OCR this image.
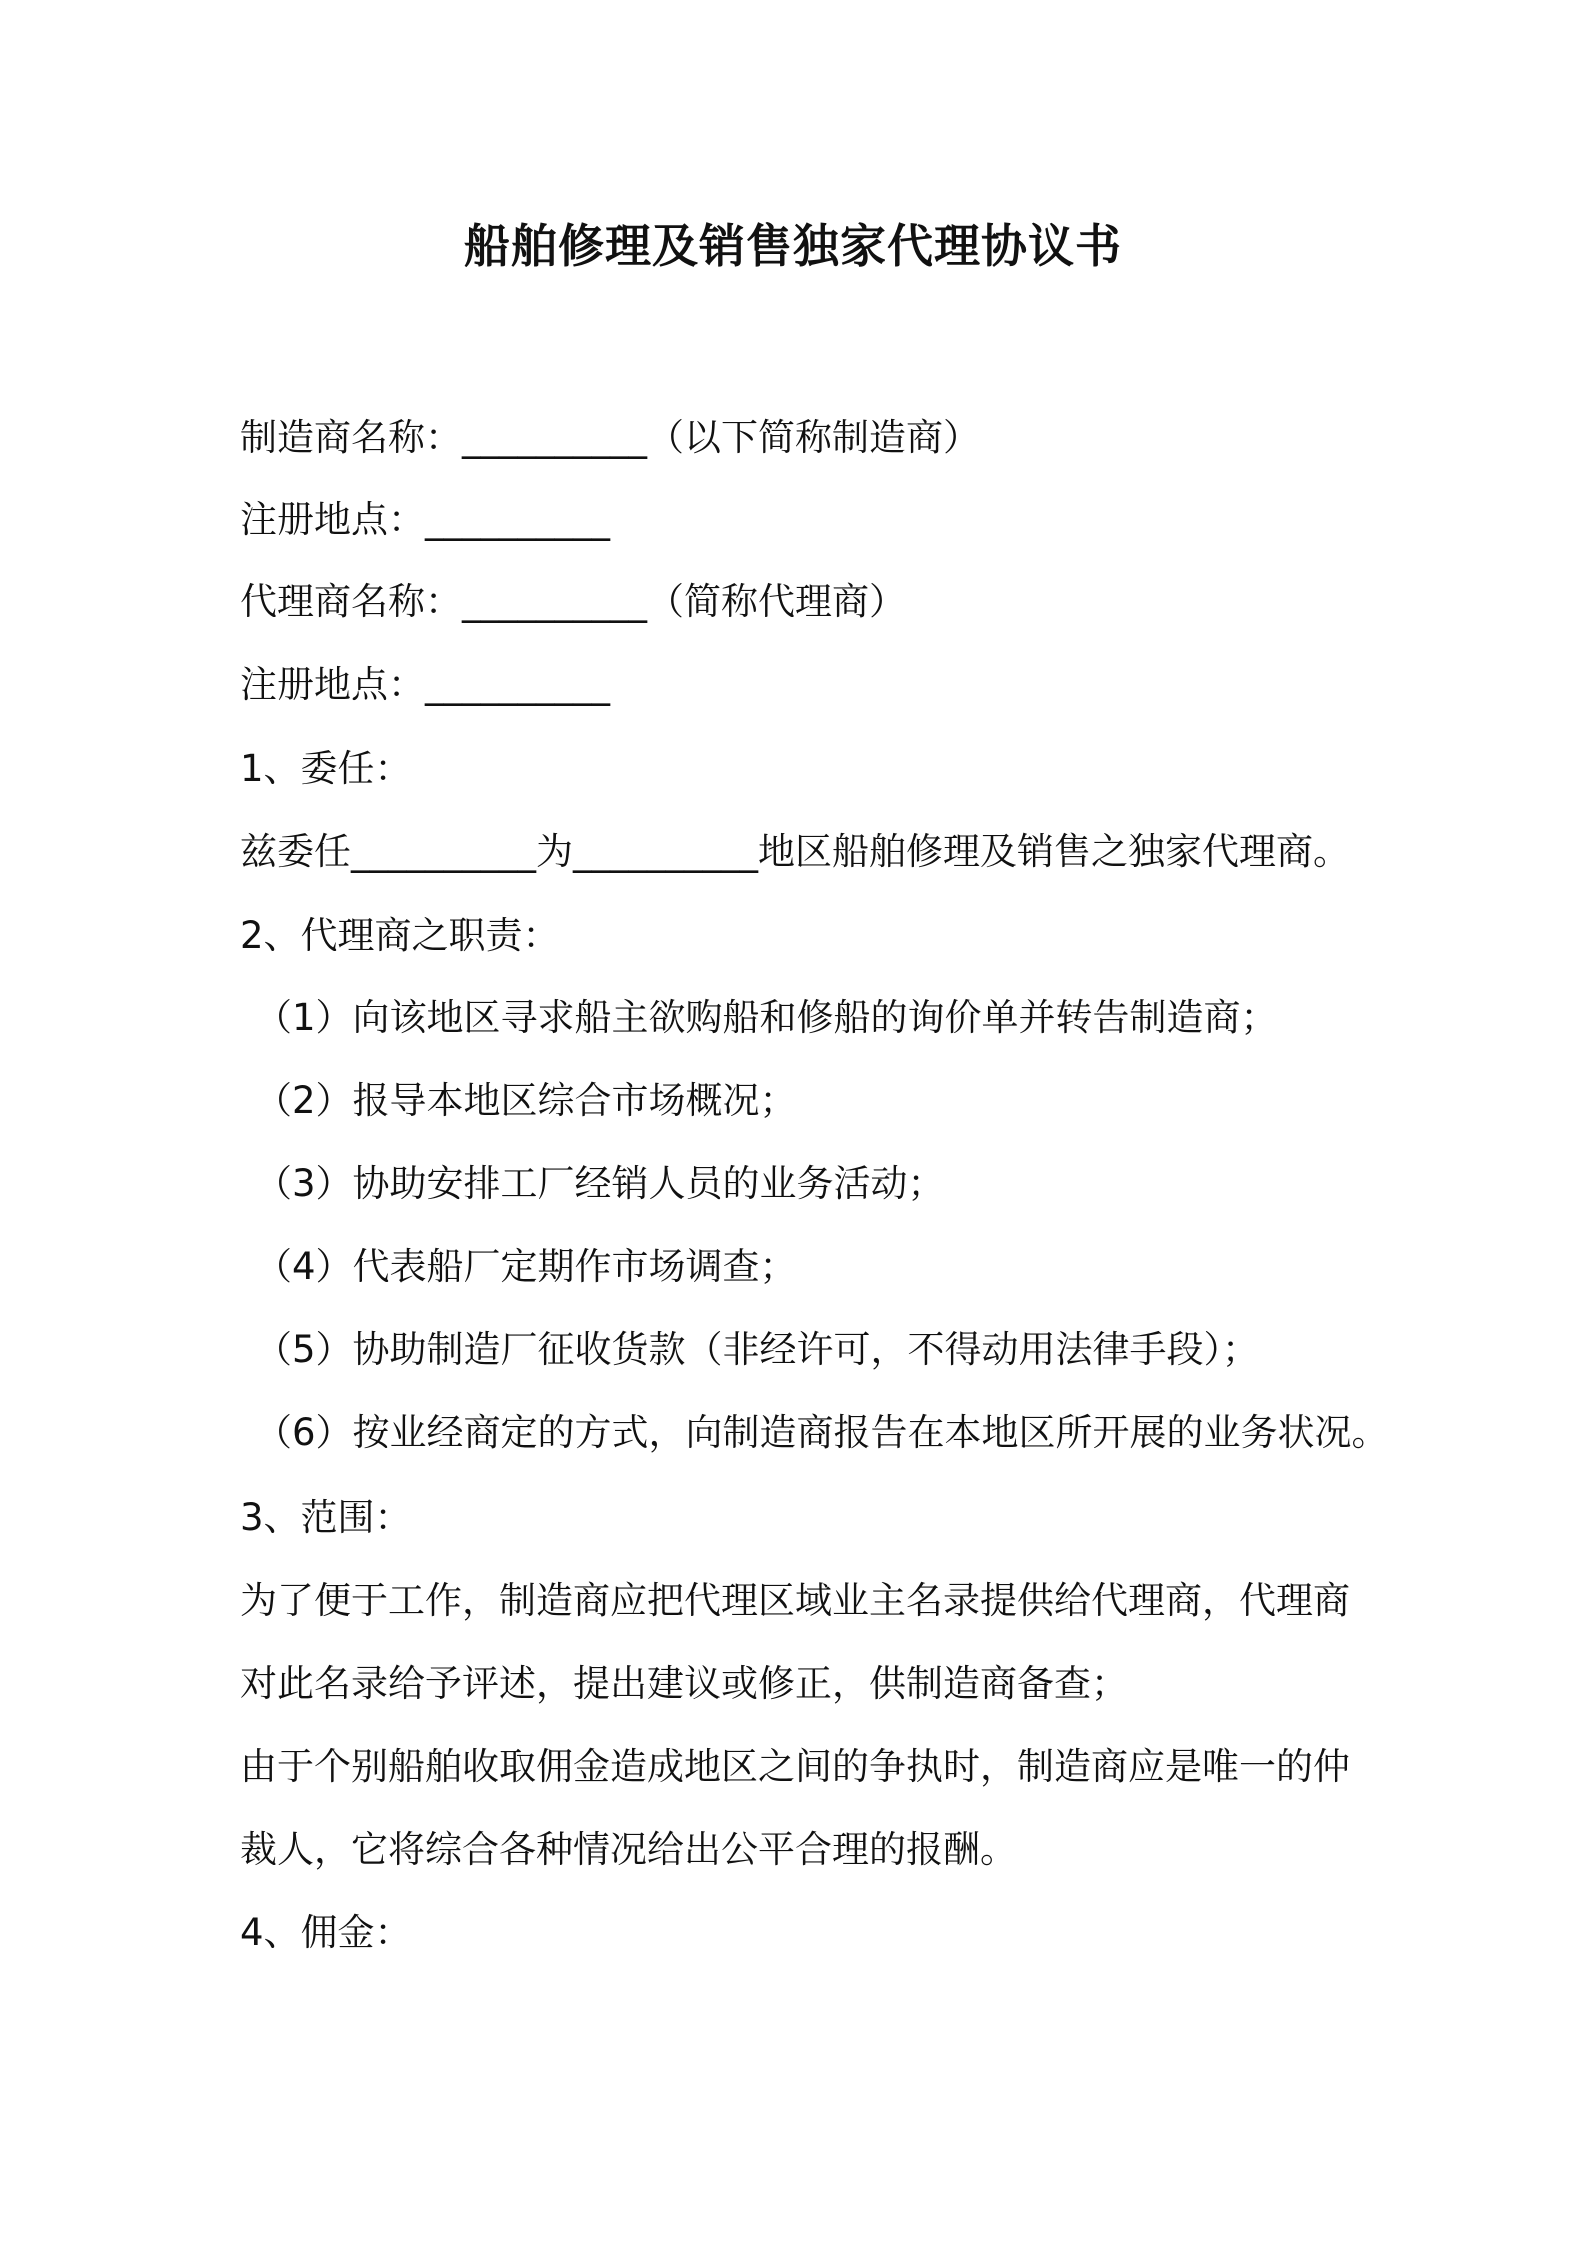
船舶修理及销售独家代理协议书
制造商名称：__________（以下简称制造商）
注册地点：__________
代理商名称：__________（简称代理商）
注册地点：__________
1、委任：
兹委任__________为__________地区船舶修理及销售之独家代理商。
2、代理商之职责：
（1）向该地区寻求船主欲购船和修船的询价单并转告制造商；
（2）报导本地区综合市场概况；
（3）协助安排工厂经销人员的业务活动；
（4）代表船厂定期作市场调查；
（5）协助制造厂征收货款（非经许可，不得动用法律手段）；
（6）按业经商定的方式，向制造商报告在本地区所开展的业务状况。
3、范围：
为了便于工作，制造商应把代理区域业主名录提供给代理商，代理商
对此名录给予评述，提出建议或修正，供制造商备查；
由于个别船舶收取佣金造成地区之间的争执时，制造商应是唯一的仲
裁人，它将综合各种情况给出公平合理的报酬。
4、佣金：
